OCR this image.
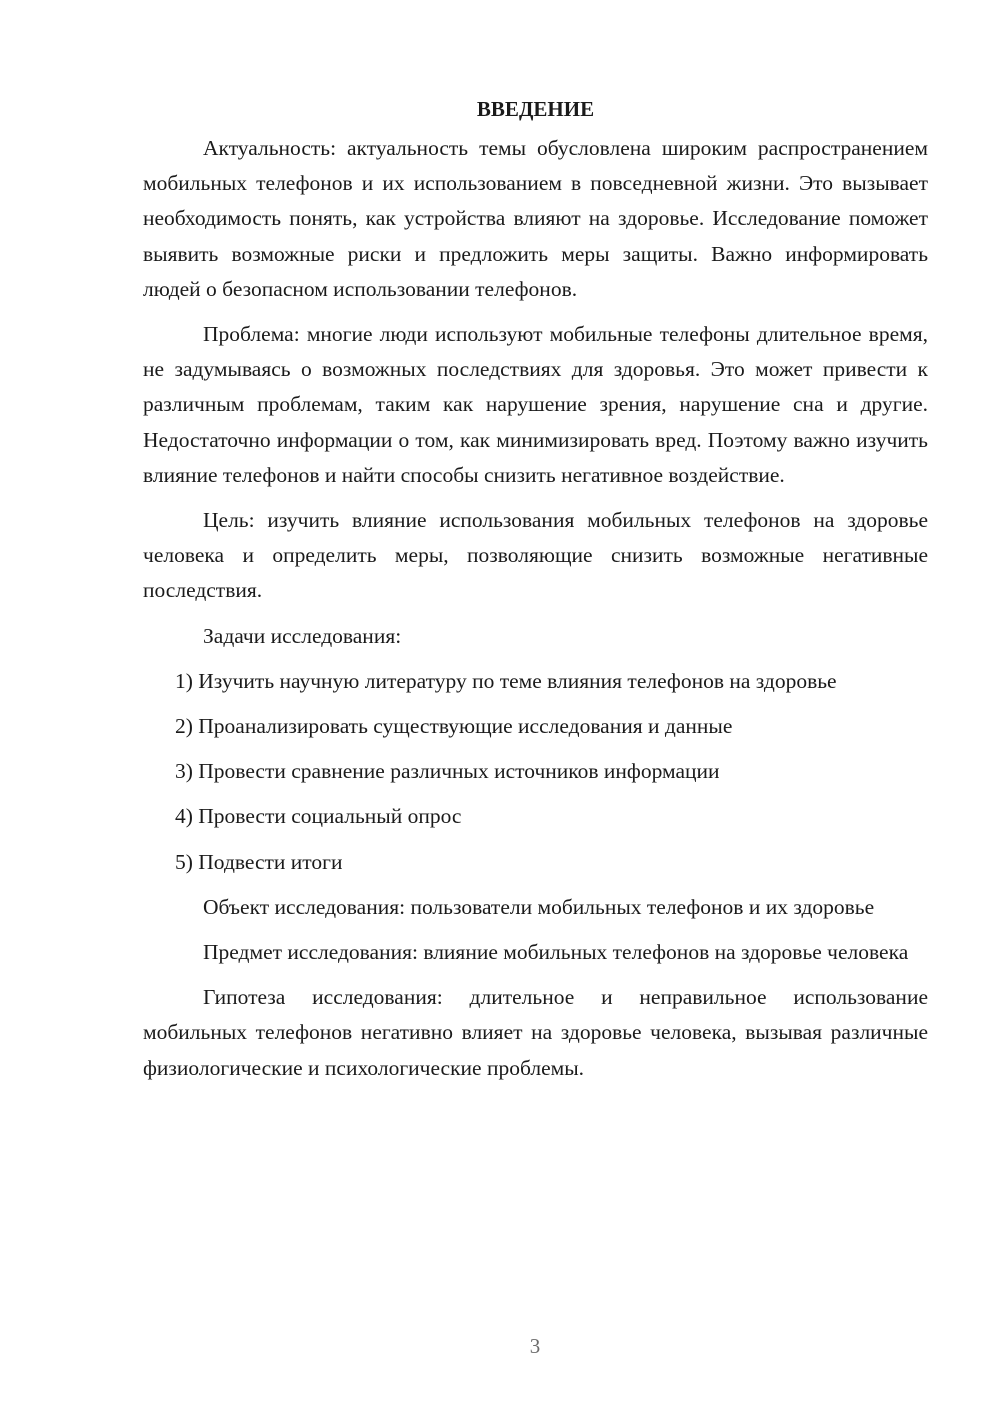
ВВЕДЕНИЕ

Актуальность: актуальность темы обусловлена широким распространением мобильных телефонов и их использованием в повседневной жизни. Это вызывает необходимость понять, как устройства влияют на здоровье. Исследование поможет выявить возможные риски и предложить меры защиты. Важно информировать людей о безопасном использовании телефонов.

Проблема: многие люди используют мобильные телефоны длительное время, не задумываясь о возможных последствиях для здоровья. Это может привести к различным проблемам, таким как нарушение зрения, нарушение сна и другие. Недостаточно информации о том, как минимизировать вред. Поэтому важно изучить влияние телефонов и найти способы снизить негативное воздействие.

Цель: изучить влияние использования мобильных телефонов на здоровье человека и определить меры, позволяющие снизить возможные негативные последствия.

Задачи исследования:

1) Изучить научную литературу по теме влияния телефонов на здоровье

2) Проанализировать существующие исследования и данные

3) Провести сравнение различных источников информации

4) Провести социальный опрос

5) Подвести итоги

Объект исследования: пользователи мобильных телефонов и их здоровье

Предмет исследования: влияние мобильных телефонов на здоровье человека

Гипотеза исследования: длительное и неправильное использование мобильных телефонов негативно влияет на здоровье человека, вызывая различные физиологические и психологические проблемы.

3
